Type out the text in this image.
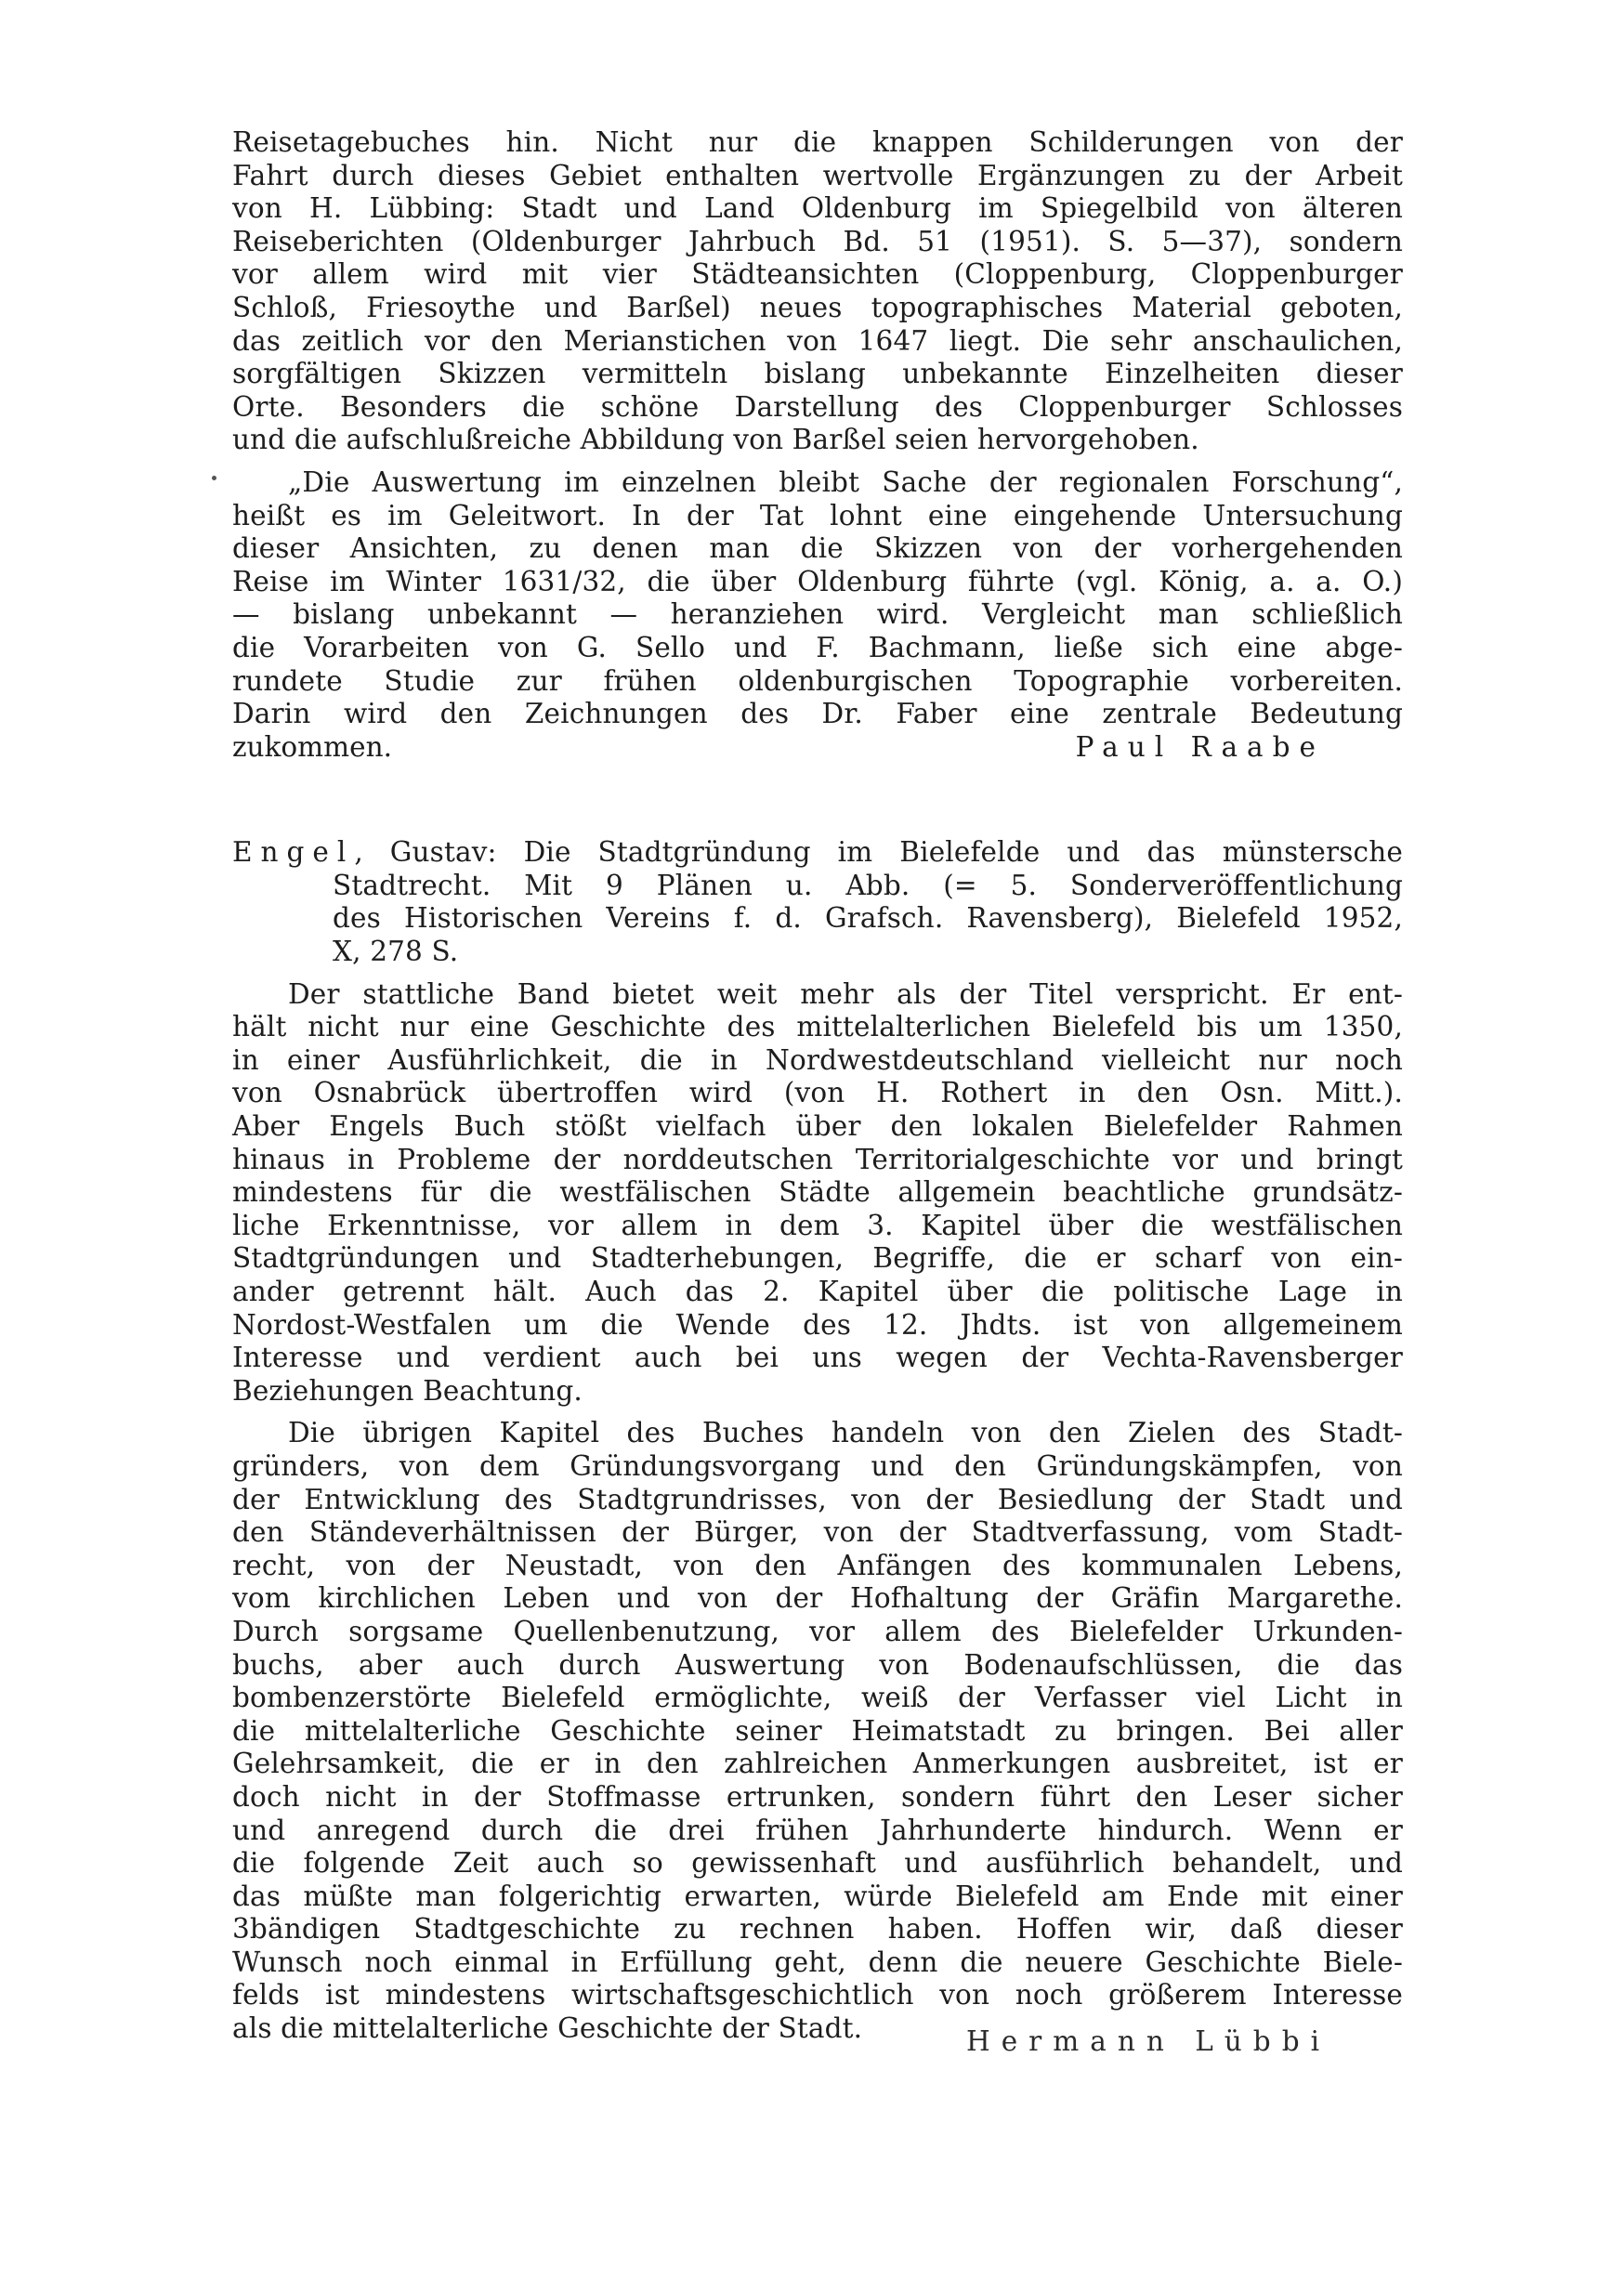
Reisetagebuches hin. Nicht nur die knappen Schilderungen von der
Fahrt durch dieses Gebiet enthalten wertvolle Ergänzungen zu der Arbeit
von H. Lübbing: Stadt und Land Oldenburg im Spiegelbild von älteren
Reiseberichten (Oldenburger Jahrbuch Bd. 51 (1951). S. 5—37), sondern
vor allem wird mit vier Städteansichten (Cloppenburg, Cloppenburger
Schloß, Friesoythe und Barßel) neues topographisches Material geboten,
das zeitlich vor den Merianstichen von 1647 liegt. Die sehr anschaulichen,
sorgfältigen Skizzen vermitteln bislang unbekannte Einzelheiten dieser
Orte. Besonders die schöne Darstellung des Cloppenburger Schlosses
und die aufschlußreiche Abbildung von Barßel seien hervorgehoben.
„Die Auswertung im einzelnen bleibt Sache der regionalen Forschung“,
heißt es im Geleitwort. In der Tat lohnt eine eingehende Untersuchung
dieser Ansichten, zu denen man die Skizzen von der vorhergehenden
Reise im Winter 1631/32, die über Oldenburg führte (vgl. König, a. a. O.)
— bislang unbekannt — heranziehen wird. Vergleicht man schließlich
die Vorarbeiten von G. Sello und F. Bachmann, ließe sich eine abge-
rundete Studie zur frühen oldenburgischen Topographie vorbereiten.
Darin wird den Zeichnungen des Dr. Faber eine zentrale Bedeutung
zukommen.	Paul Raabe
Engel, Gustav: Die Stadtgründung im Bielefelde und das münstersche
Stadtrecht. Mit 9 Plänen u. Abb. (= 5. Sonderveröffentlichung
des Historischen Vereins f. d. Grafsch. Ravensberg), Bielefeld 1952,
X, 278 S.
Der stattliche Band bietet weit mehr als der Titel verspricht. Er ent-
hält nicht nur eine Geschichte des mittelalterlichen Bielefeld bis um 1350,
in einer Ausführlichkeit, die in Nordwestdeutschland vielleicht nur noch
von Osnabrück übertroffen wird (von H. Rothert in den Osn. Mitt.).
Aber Engels Buch stößt vielfach über den lokalen Bielefelder Rahmen
hinaus in Probleme der norddeutschen Territorialgeschichte vor und bringt
mindestens für die westfälischen Städte allgemein beachtliche grundsätz-
liche Erkenntnisse, vor allem in dem 3. Kapitel über die westfälischen
Stadtgründungen und Stadterhebungen, Begriffe, die er scharf von ein-
ander getrennt hält. Auch das 2. Kapitel über die politische Lage in
Nordost-Westfalen um die Wende des 12. Jhdts. ist von allgemeinem
Interesse und verdient auch bei uns wegen der Vechta-Ravensberger
Beziehungen Beachtung.
Die übrigen Kapitel des Buches handeln von den Zielen des Stadt-
gründers, von dem Gründungsvorgang und den Gründungskämpfen, von
der Entwicklung des Stadtgrundrisses, von der Besiedlung der Stadt und
den Ständeverhältnissen der Bürger, von der Stadtverfassung, vom Stadt-
recht, von der Neustadt, von den Anfängen des kommunalen Lebens,
vom kirchlichen Leben und von der Hofhaltung der Gräfin Margarethe.
Durch sorgsame Quellenbenutzung, vor allem des Bielefelder Urkunden-
buchs, aber auch durch Auswertung von Bodenaufschlüssen, die das
bombenzerstörte Bielefeld ermöglichte, weiß der Verfasser viel Licht in
die mittelalterliche Geschichte seiner Heimatstadt zu bringen. Bei aller
Gelehrsamkeit, die er in den zahlreichen Anmerkungen ausbreitet, ist er
doch nicht in der Stoffmasse ertrunken, sondern führt den Leser sicher
und anregend durch die drei frühen Jahrhunderte hindurch. Wenn er
die folgende Zeit auch so gewissenhaft und ausführlich behandelt, und
das müßte man folgerichtig erwarten, würde Bielefeld am Ende mit einer
3bändigen Stadtgeschichte zu rechnen haben. Hoffen wir, daß dieser
Wunsch noch einmal in Erfüllung geht, denn die neuere Geschichte Biele-
felds ist mindestens wirtschaftsgeschichtlich von noch größerem Interesse
als die mittelalterliche Geschichte der Stadt.	Hermann Lübbi
